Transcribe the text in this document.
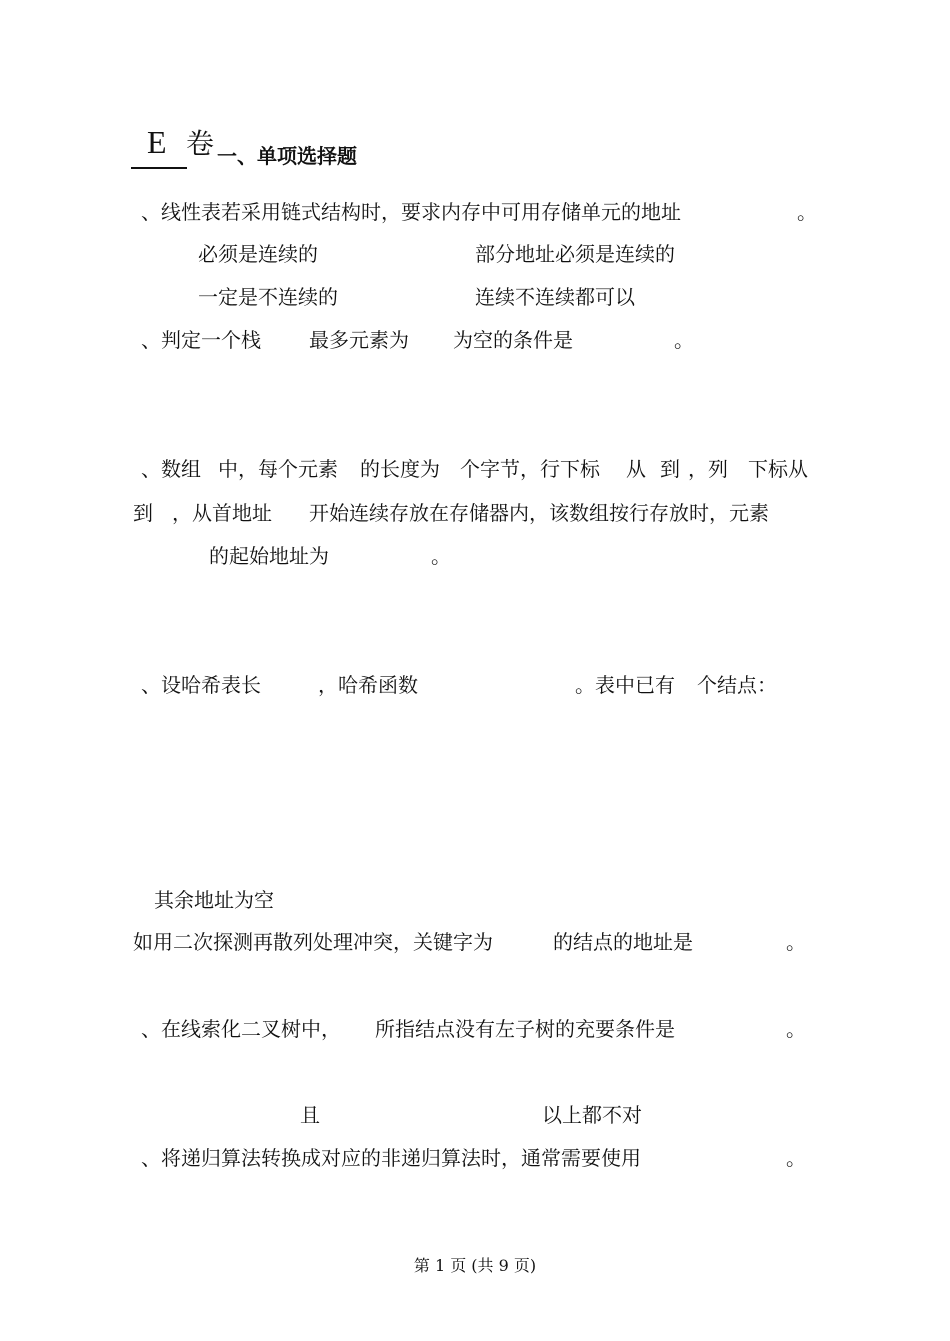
E 卷 一、单项选择题
、线性表若采用链式结构时，要求内存中可用存储单元的地址	。
必须是连续的	部分地址必须是连续的
一定是不连续的	连续不连续都可以
、判定一个栈 最多元素为 为空的条件是	。
、数组 中，每个元素 的长度为 个字节，行下标 从 到 ，列 下标从
到 ，从首地址 开始连续存放在存储器内，该数组按行存放时，元素
的起始地址为	。
、设哈希表长	，哈希函数	。表中已有 个结点：
其余地址为空
如用二次探测再散列处理冲突，关键字为	的结点的地址是	。
、在线索化二叉树中， 所指结点没有左子树的充要条件是	。
且	以上都不对
、将递归算法转换成对应的非递归算法时，通常需要使用	。
第 1 页 (共 9 页)
